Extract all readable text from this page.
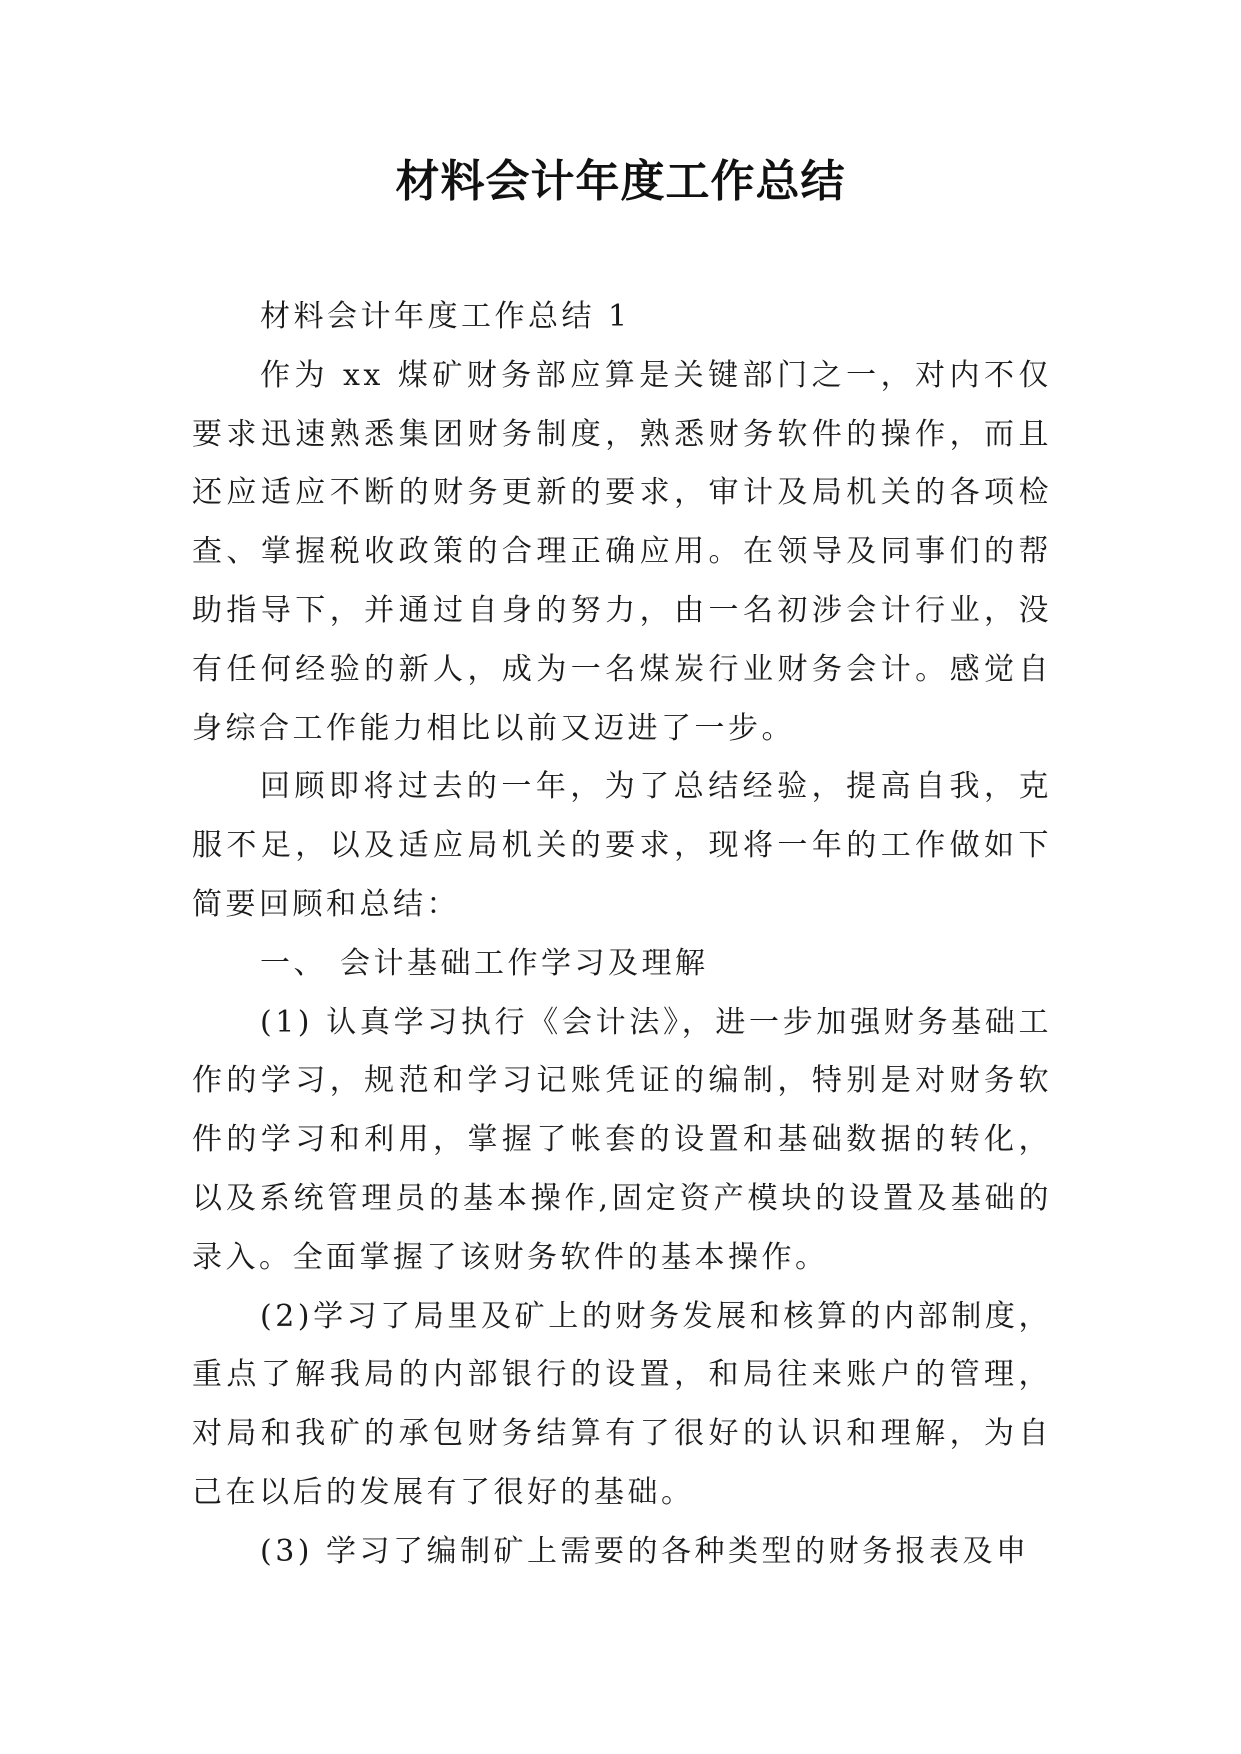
材料会计年度工作总结

材料会计年度工作总结 1

作为 xx 煤矿财务部应算是关键部门之一，对内不仅要求迅速熟悉集团财务制度，熟悉财务软件的操作，而且还应适应不断的财务更新的要求，审计及局机关的各项检查、掌握税收政策的合理正确应用。在领导及同事们的帮助指导下，并通过自身的努力，由一名初涉会计行业，没有任何经验的新人，成为一名煤炭行业财务会计。感觉自身综合工作能力相比以前又迈进了一步。

回顾即将过去的一年，为了总结经验，提高自我，克服不足，以及适应局机关的要求，现将一年的工作做如下简要回顾和总结：

一、 会计基础工作学习及理解

(1) 认真学习执行《会计法》，进一步加强财务基础工作的学习，规范和学习记账凭证的编制，特别是对财务软件的学习和利用，掌握了帐套的设置和基础数据的转化，以及系统管理员的基本操作,固定资产模块的设置及基础的录入。全面掌握了该财务软件的基本操作。

(2)学习了局里及矿上的财务发展和核算的内部制度，重点了解我局的内部银行的设置，和局往来账户的管理，对局和我矿的承包财务结算有了很好的认识和理解，为自己在以后的发展有了很好的基础。

(3) 学习了编制矿上需要的各种类型的财务报表及申
